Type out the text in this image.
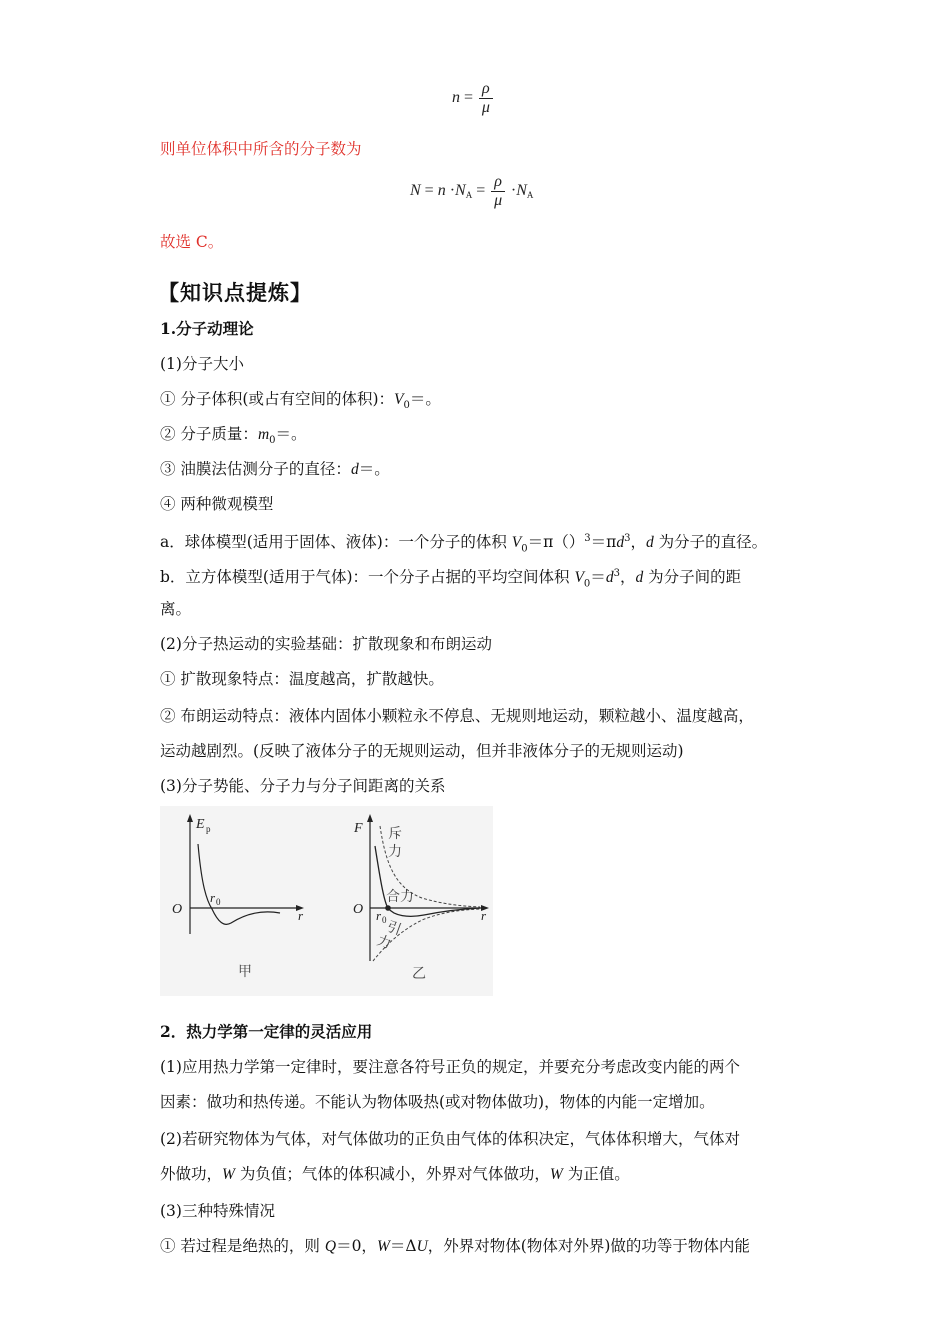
$n = \frac{\rho}{\mu}$
则单位体积中所含的分子数为
$N = n \cdot N_A = \frac{\rho}{\mu} \cdot N_A$
故选 C。
【知识点提炼】
1.分子动理论
(1)分子大小
① 分子体积(或占有空间的体积)：$V_0=$。
② 分子质量：$m_0=$。
③ 油膜法估测分子的直径：d＝。
④ 两种微观模型
a．球体模型(适用于固体、液体)：一个分子的体积 $V_0=\pi()^3=\pi d^3$，d 为分子的直径。
b．立方体模型(适用于气体)：一个分子占据的平均空间体积 $V_0=d^3$，d 为分子间的距
离。
(2)分子热运动的实验基础：扩散现象和布朗运动
① 扩散现象特点：温度越高，扩散越快。
② 布朗运动特点：液体内固体小颗粒永不停息、无规则地运动，颗粒越小、温度越高，
运动越剧烈。(反映了液体分子的无规则运动，但并非液体分子的无规则运动)
(3)分子势能、分子力与分子间距离的关系
E p
O
r 0
r
甲
F
O r 0	r
斥
力
合力
引
力
乙
2．热力学第一定律的灵活应用
(1)应用热力学第一定律时，要注意各符号正负的规定，并要充分考虑改变内能的两个
因素：做功和热传递。不能认为物体吸热(或对物体做功)，物体的内能一定增加。
(2)若研究物体为气体，对气体做功的正负由气体的体积决定，气体体积增大，气体对
外做功，W 为负值；气体的体积减小，外界对气体做功，W 为正值。
(3)三种特殊情况
① 若过程是绝热的，则 Q＝0，W＝ΔU，外界对物体(物体对外界)做的功等于物体内能
